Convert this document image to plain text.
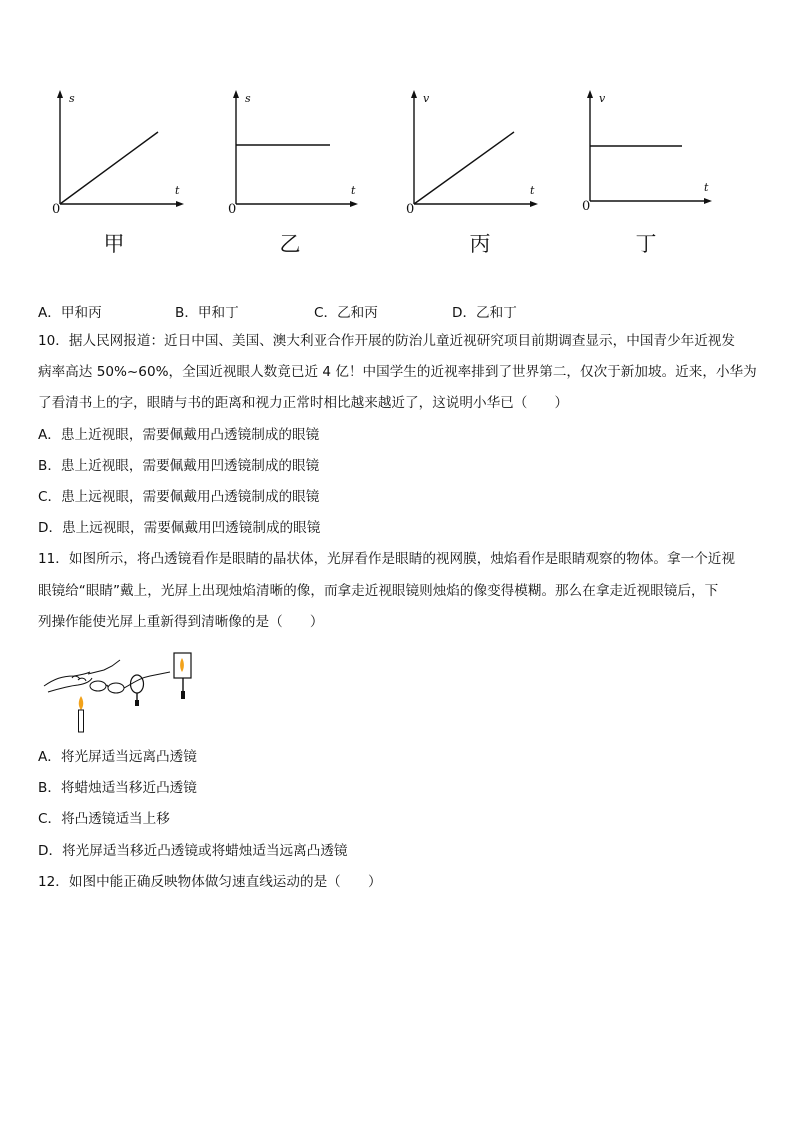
s
t
0
甲
s
t
0
乙
v
t
0
丙
v
t
0
丁
A．甲和丙	B．甲和丁	C．乙和丙	D．乙和丁
10．据人民网报道：近日中国、美国、澳大利亚合作开展的防治儿童近视研究项目前期调查显示，中国青少年近视发
病率高达 50%~60%，全国近视眼人数竟已近 4 亿！中国学生的近视率排到了世界第二，仅次于新加坡。近来，小华为
了看清书上的字，眼睛与书的距离和视力正常时相比越来越近了，这说明小华已（　　）
A．患上近视眼，需要佩戴用凸透镜制成的眼镜
B．患上近视眼，需要佩戴用凹透镜制成的眼镜
C．患上远视眼，需要佩戴用凸透镜制成的眼镜
D．患上远视眼，需要佩戴用凹透镜制成的眼镜
11．如图所示，将凸透镜看作是眼睛的晶状体，光屏看作是眼睛的视网膜，烛焰看作是眼睛观察的物体。拿一个近视
眼镜给“眼睛”戴上，光屏上出现烛焰清晰的像，而拿走近视眼镜则烛焰的像变得模糊。那么在拿走近视眼镜后，下
列操作能使光屏上重新得到清晰像的是（　　）
A．将光屏适当远离凸透镜
B．将蜡烛适当移近凸透镜
C．将凸透镜适当上移
D．将光屏适当移近凸透镜或将蜡烛适当远离凸透镜
12．如图中能正确反映物体做匀速直线运动的是（　　）
